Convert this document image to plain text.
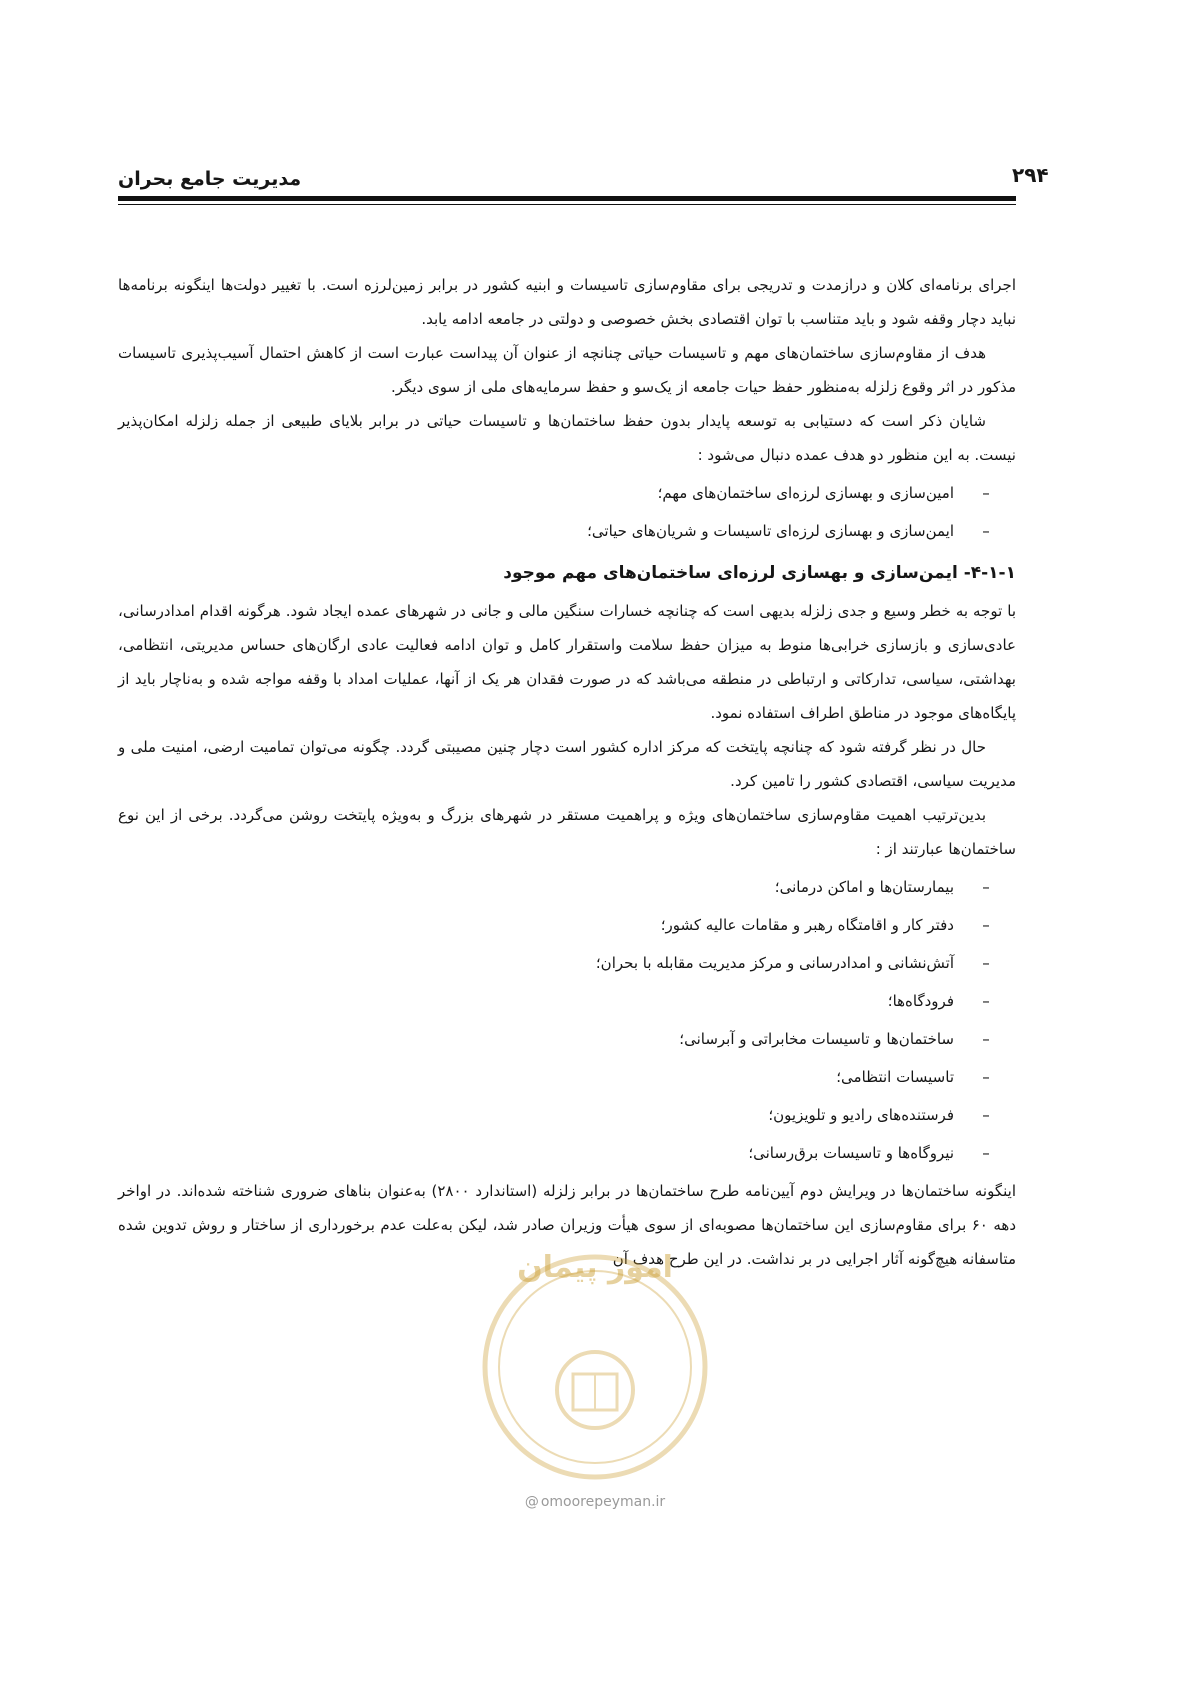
۲۹۴
مدیریت جامع بحران

اجرای برنامه‌ای کلان و درازمدت و تدریجی برای مقاوم‌سازی تاسیسات و ابنیه کشور در برابر زمین‌لرزه است. با تغییر دولت‌ها اینگونه برنامه‌ها نباید دچار وقفه شود و باید متناسب با توان اقتصادی بخش خصوصی و دولتی در جامعه ادامه یابد.

هدف از مقاوم‌سازی ساختمان‌های مهم و تاسیسات حیاتی چنانچه از عنوان آن پیداست عبارت است از کاهش احتمال آسیب‌پذیری تاسیسات مذکور در اثر وقوع زلزله به‌منظور حفظ حیات جامعه از یک‌سو و حفظ سرمایه‌های ملی از سوی دیگر.

شایان ذکر است که دستیابی به توسعه پایدار بدون حفظ ساختمان‌ها و تاسیسات حیاتی در برابر بلایای طبیعی از جمله زلزله امکان‌پذیر نیست. به این منظور دو هدف عمده دنبال می‌شود :

–
امین‌سازی و بهسازی لرزه‌ای ساختمان‌های مهم؛
–
ایمن‌سازی و بهسازی لرزه‌ای تاسیسات و شریان‌های حیاتی؛
۴-۱-۱- ایمن‌سازی و بهسازی لرزه‌ای ساختمان‌های مهم موجود

با توجه به خطر وسیع و جدی زلزله بدیهی است که چنانچه خسارات سنگین مالی و جانی در شهرهای عمده ایجاد شود. هرگونه اقدام امدادرسانی، عادی‌سازی و بازسازی خرابی‌ها منوط به میزان حفظ سلامت واستقرار کامل و توان ادامه فعالیت عادی ارگان‌های حساس مدیریتی، انتظامی، بهداشتی، سیاسی، تدارکاتی و ارتباطی در منطقه می‌باشد که در صورت فقدان هر یک از آنها، عملیات امداد با وقفه مواجه شده و به‌ناچار باید از پایگاه‌های موجود در مناطق اطراف استفاده نمود.

حال در نظر گرفته شود که چنانچه پایتخت که مرکز اداره کشور است دچار چنین مصیبتی گردد. چگونه می‌توان تمامیت ارضی، امنیت ملی و مدیریت سیاسی، اقتصادی کشور را تامین کرد.

بدین‌ترتیب اهمیت مقاوم‌سازی ساختمان‌های ویژه و پراهمیت مستقر در شهرهای بزرگ و به‌ویژه پایتخت روشن می‌گردد. برخی از این نوع ساختمان‌ها عبارتند از :

–
بیمارستان‌ها و اماکن درمانی؛
–
دفتر کار و اقامتگاه رهبر و مقامات عالیه کشور؛
–
آتش‌نشانی و امدادرسانی و مرکز مدیریت مقابله با بحران؛
–
فرودگاه‌ها؛
–
ساختمان‌ها و تاسیسات مخابراتی و آبرسانی؛
–
تاسیسات انتظامی؛
–
فرستنده‌های رادیو و تلویزیون؛
–
نیروگاه‌ها و تاسیسات برق‌رسانی؛

اینگونه ساختمان‌ها در ویرایش دوم آیین‌نامه طرح ساختمان‌ها در برابر زلزله (استاندارد ۲۸۰۰) به‌عنوان بناهای ضروری شناخته شده‌اند. در اواخر دهه ۶۰ برای مقاوم‌سازی این ساختمان‌ها مصوبه‌ای از سوی هیأت وزیران صادر شد، لیکن به‌علت عدم برخورداری از ساختار و روش تدوین شده متاسفانه هیچ‌گونه آثار اجرایی در بر نداشت. در این طرح هدف آن

امور پیمان
@ omoorepeyman.ir
